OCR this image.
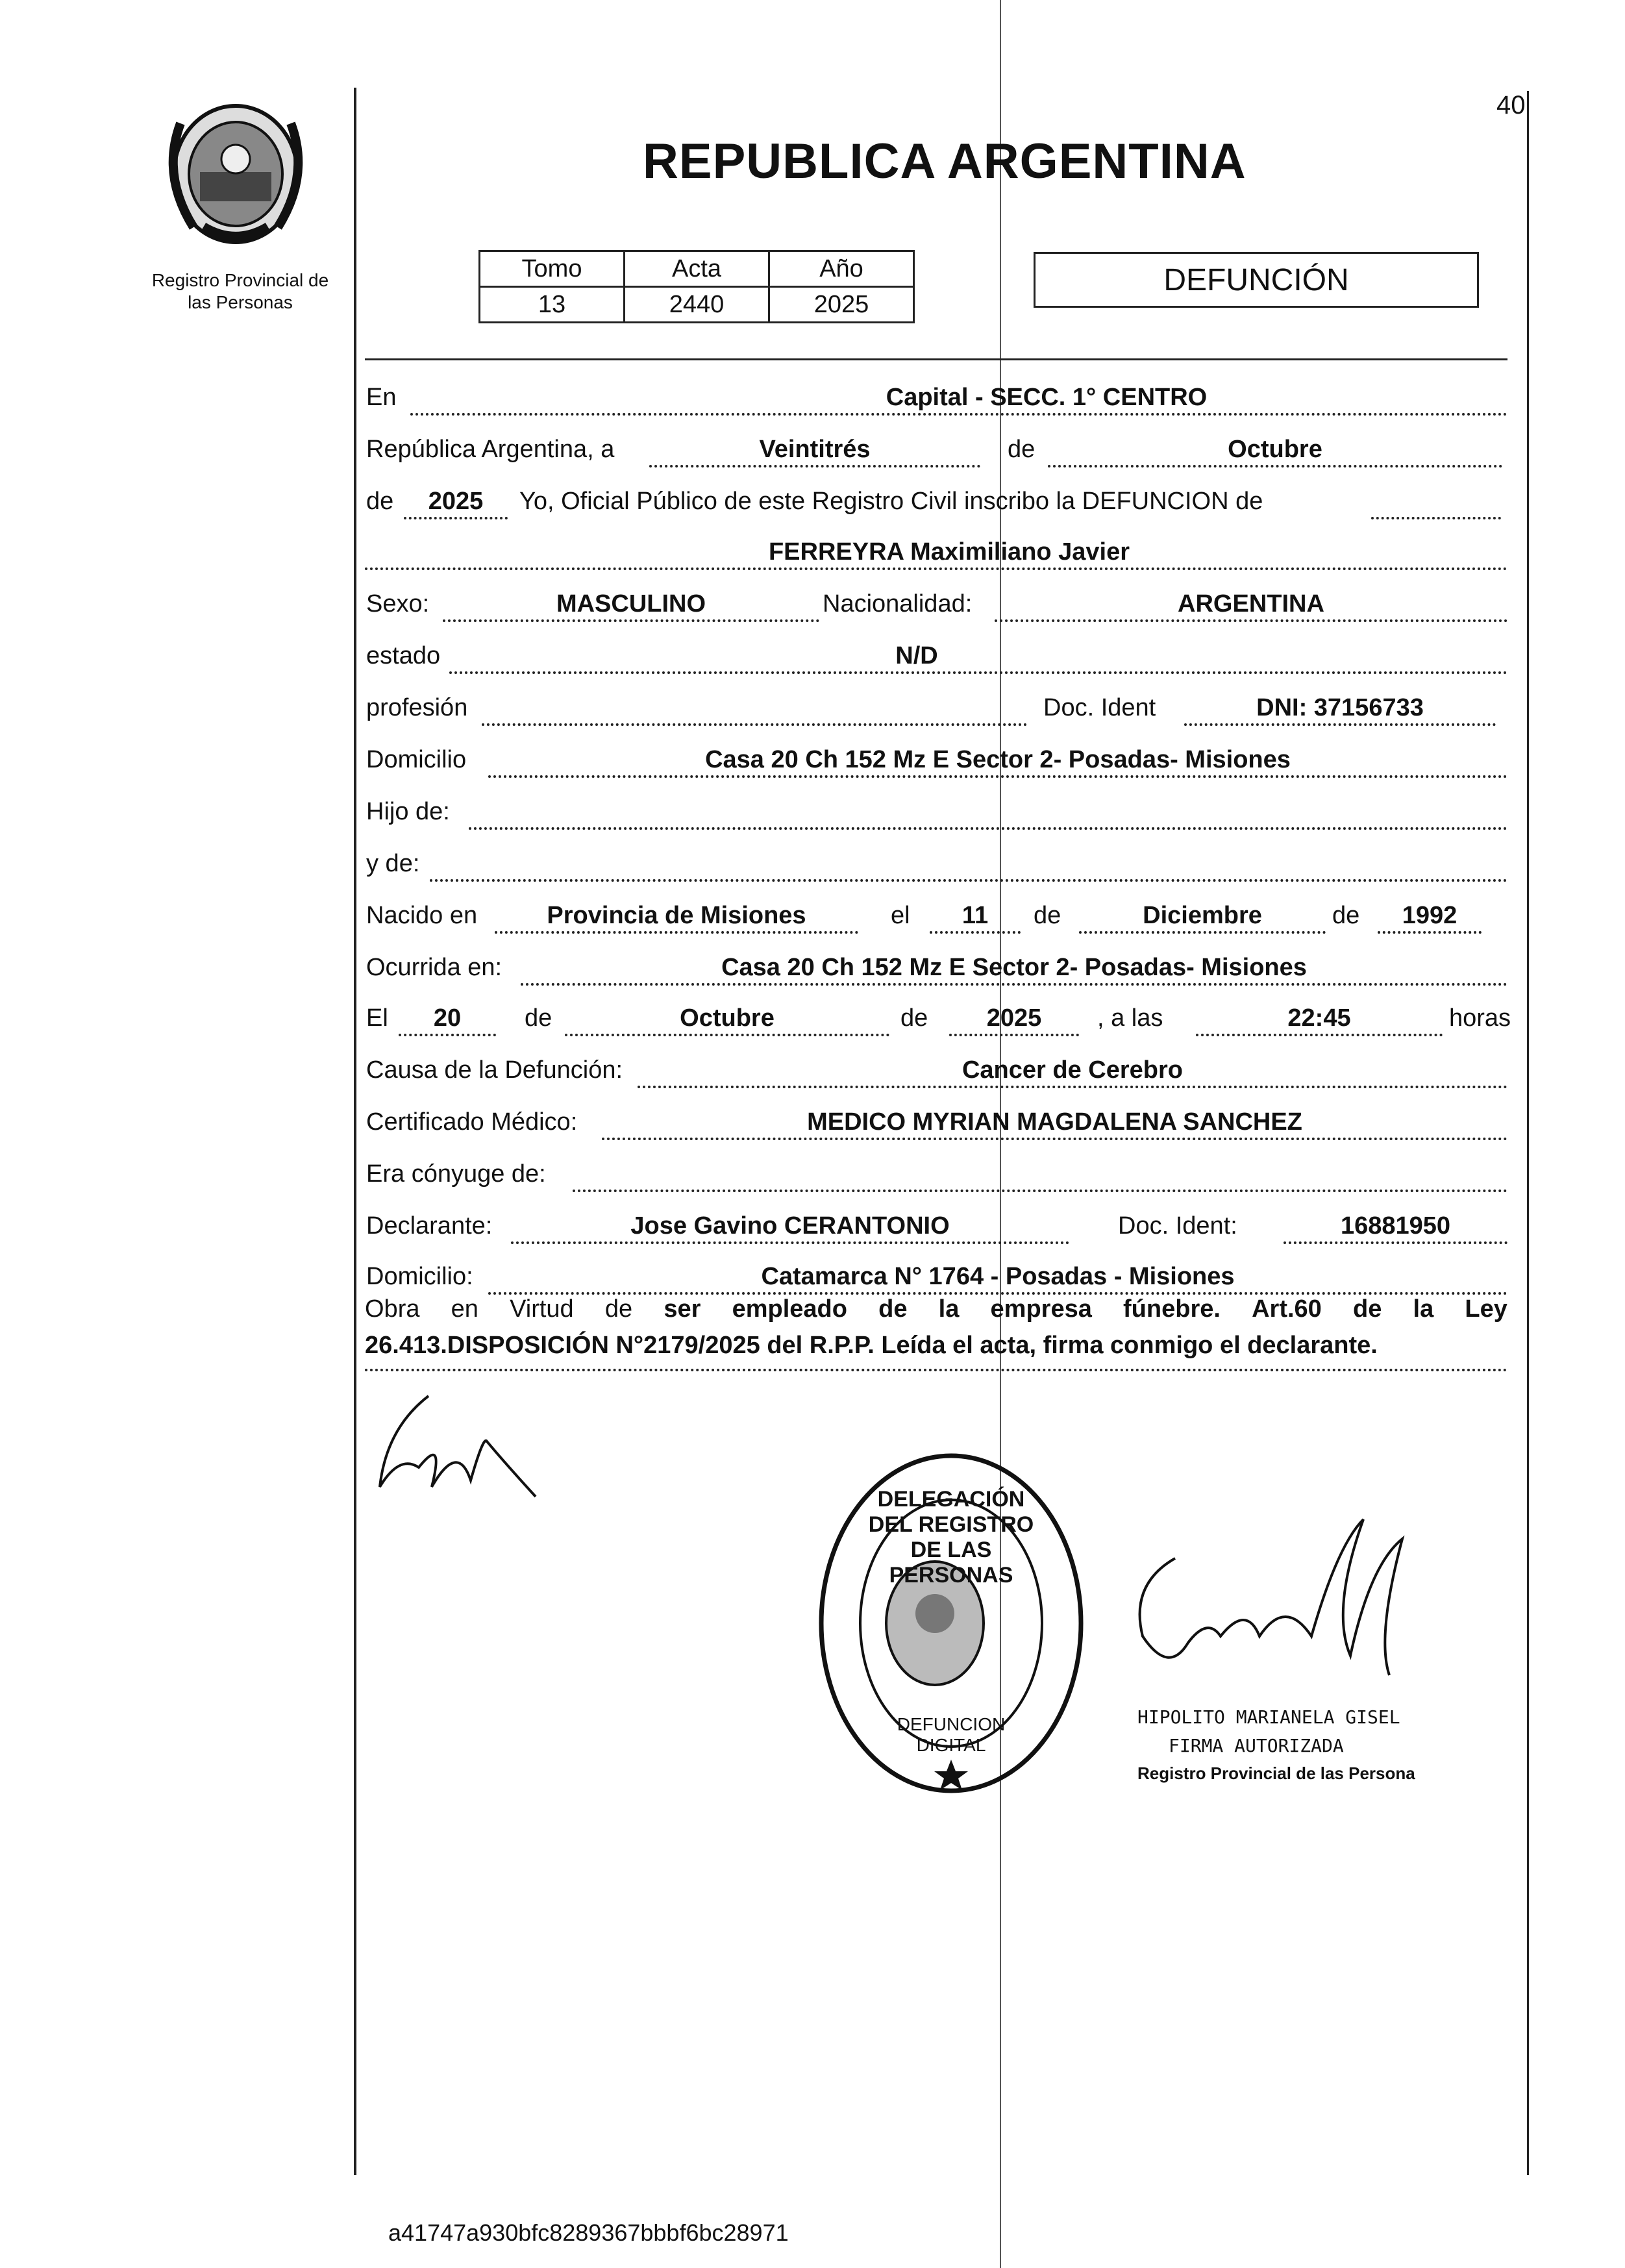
Registro Provincial de las Personas
REPUBLICA ARGENTINA
40
Tomo	Acta	Año
13	2440	2025
DEFUNCIÓN
En	Capital - SECC. 1° CENTRO
República Argentina, a	Veintitrés	de	Octubre
de	2025	Yo, Oficial Público de este Registro Civil inscribo la DEFUNCION de
FERREYRA Maximiliano Javier
Sexo:	MASCULINO	Nacionalidad:	ARGENTINA
estado	N/D
profesión	Doc. Ident	DNI: 37156733
Domicilio	Casa 20 Ch 152 Mz E Sector 2- Posadas- Misiones
Hijo de:
y de:
Nacido en	Provincia de Misiones	el	11	de	Diciembre	de	1992
Ocurrida en:	Casa 20 Ch 152 Mz E Sector 2- Posadas- Misiones
El	20	de	Octubre	de	2025	, a las	22:45	horas
Causa de la Defunción:	Cancer de Cerebro
Certificado Médico:	MEDICO MYRIAN MAGDALENA SANCHEZ
Era cónyuge de:
Declarante:	Jose Gavino CERANTONIO	Doc. Ident:	16881950
Domicilio:	Catamarca N° 1764 - Posadas - Misiones
Obra en Virtud de ser empleado de la empresa fúnebre. Art.60 de la Ley
26.413.DISPOSICIÓN N°2179/2025 del R.P.P. Leída el acta, firma conmigo el declarante.
DELEGACIÓN DEL REGISTRO DE LAS PERSONAS
DEFUNCION DIGITAL
HIPOLITO MARIANELA GISEL
FIRMA AUTORIZADA
Registro Provincial de las Persona
a41747a930bfc8289367bbbf6bc28971
